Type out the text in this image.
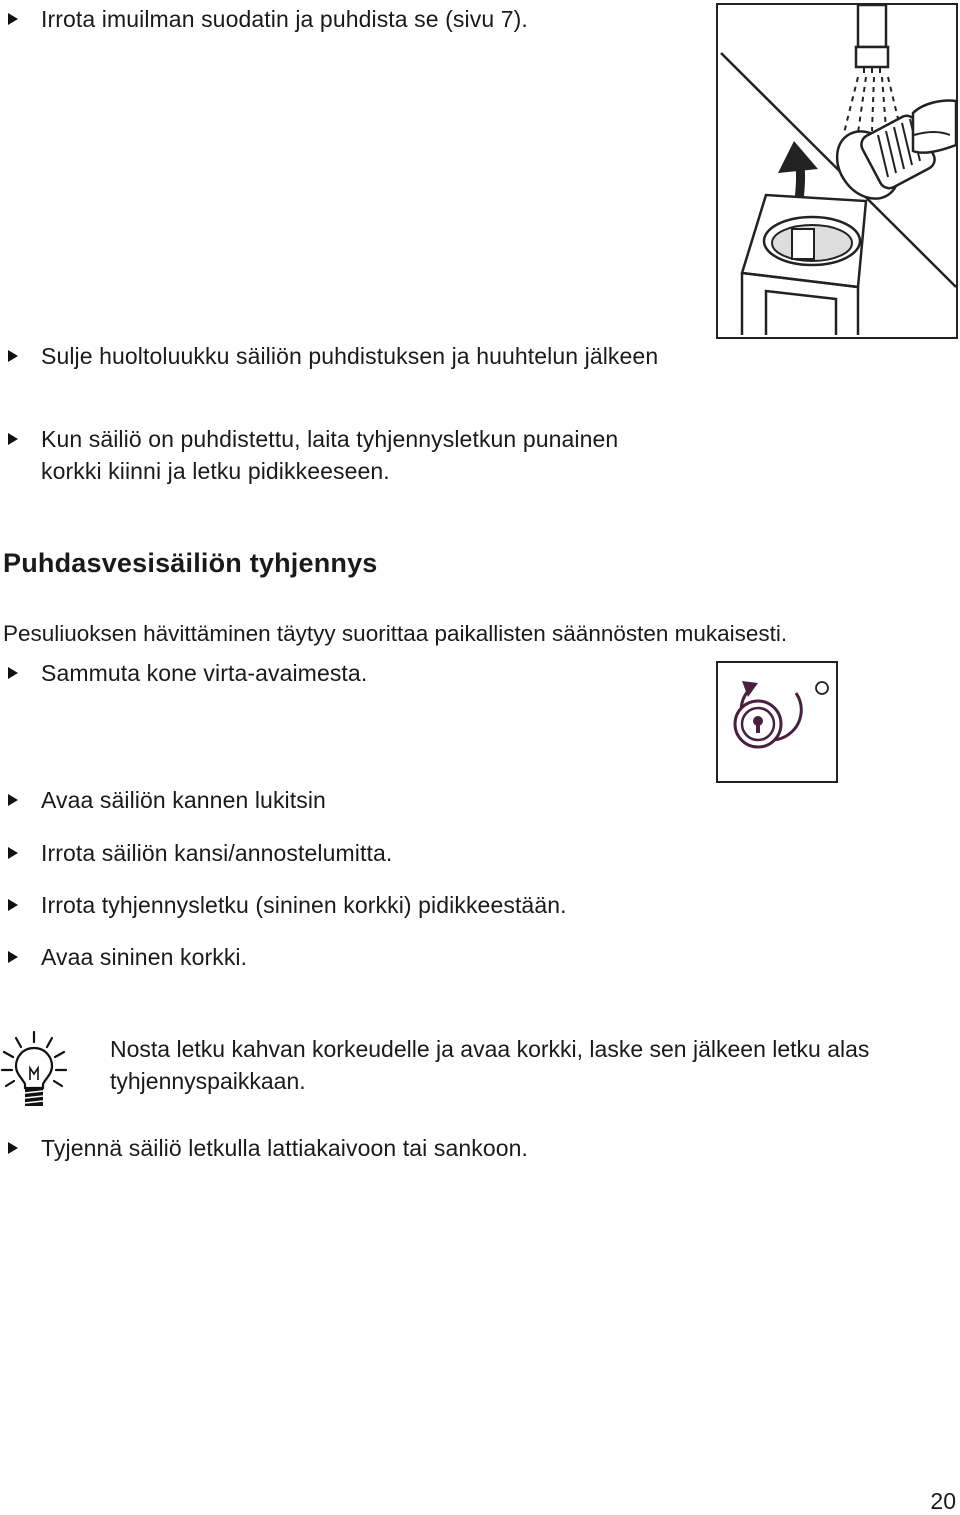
Irrota imuilman suodatin ja puhdista se (sivu 7).
Sulje huoltoluukku säiliön puhdistuksen ja huuhtelun jälkeen
Kun säiliö on puhdistettu, laita tyhjennysletkun punainen korkki kiinni ja letku pidikkeeseen.
Puhdasvesisäiliön tyhjennys
Pesuliuoksen hävittäminen täytyy suorittaa paikallisten säännösten mukaisesti.
Sammuta kone virta-avaimesta.
Avaa säiliön kannen lukitsin
Irrota säiliön kansi/annostelumitta.
Irrota tyhjennysletku (sininen korkki) pidikkeestään.
Avaa sininen korkki.
Nosta letku kahvan korkeudelle ja avaa korkki, laske sen jälkeen letku alas tyhjennyspaikkaan.
Tyjennä säiliö letkulla lattiakaivoon tai sankoon.
20
